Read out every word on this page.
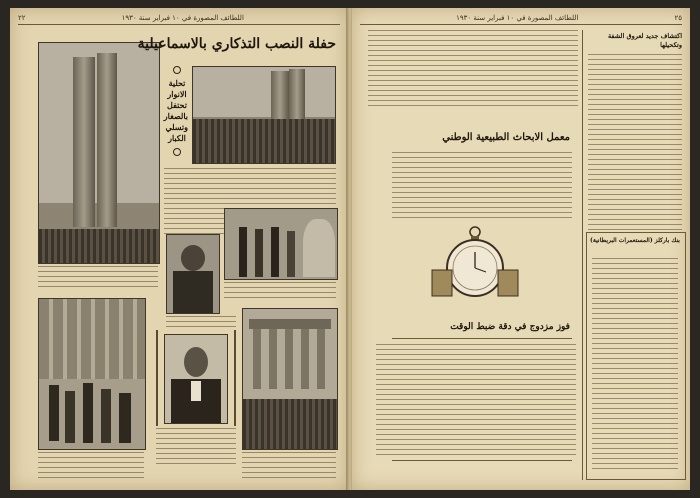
٢٢	اللطائف المصورة في ١٠ فبراير سنة ١٩٣٠
حفلة النصب التذكاري بالاسماعيلية
تحلية الانوار تحتفل بالصغار وتسلي الكبار
اللطائف المصورة في ١٠ فبراير سنة ١٩٣٠	٢٥
اكتشاف جديد لعروق الشفة وتكحيلها
بنك باركلز (المستعمرات البريطانية)
معمل الابحاث الطبيعية الوطني
فوز مزدوج في دقة ضبط الوقت
